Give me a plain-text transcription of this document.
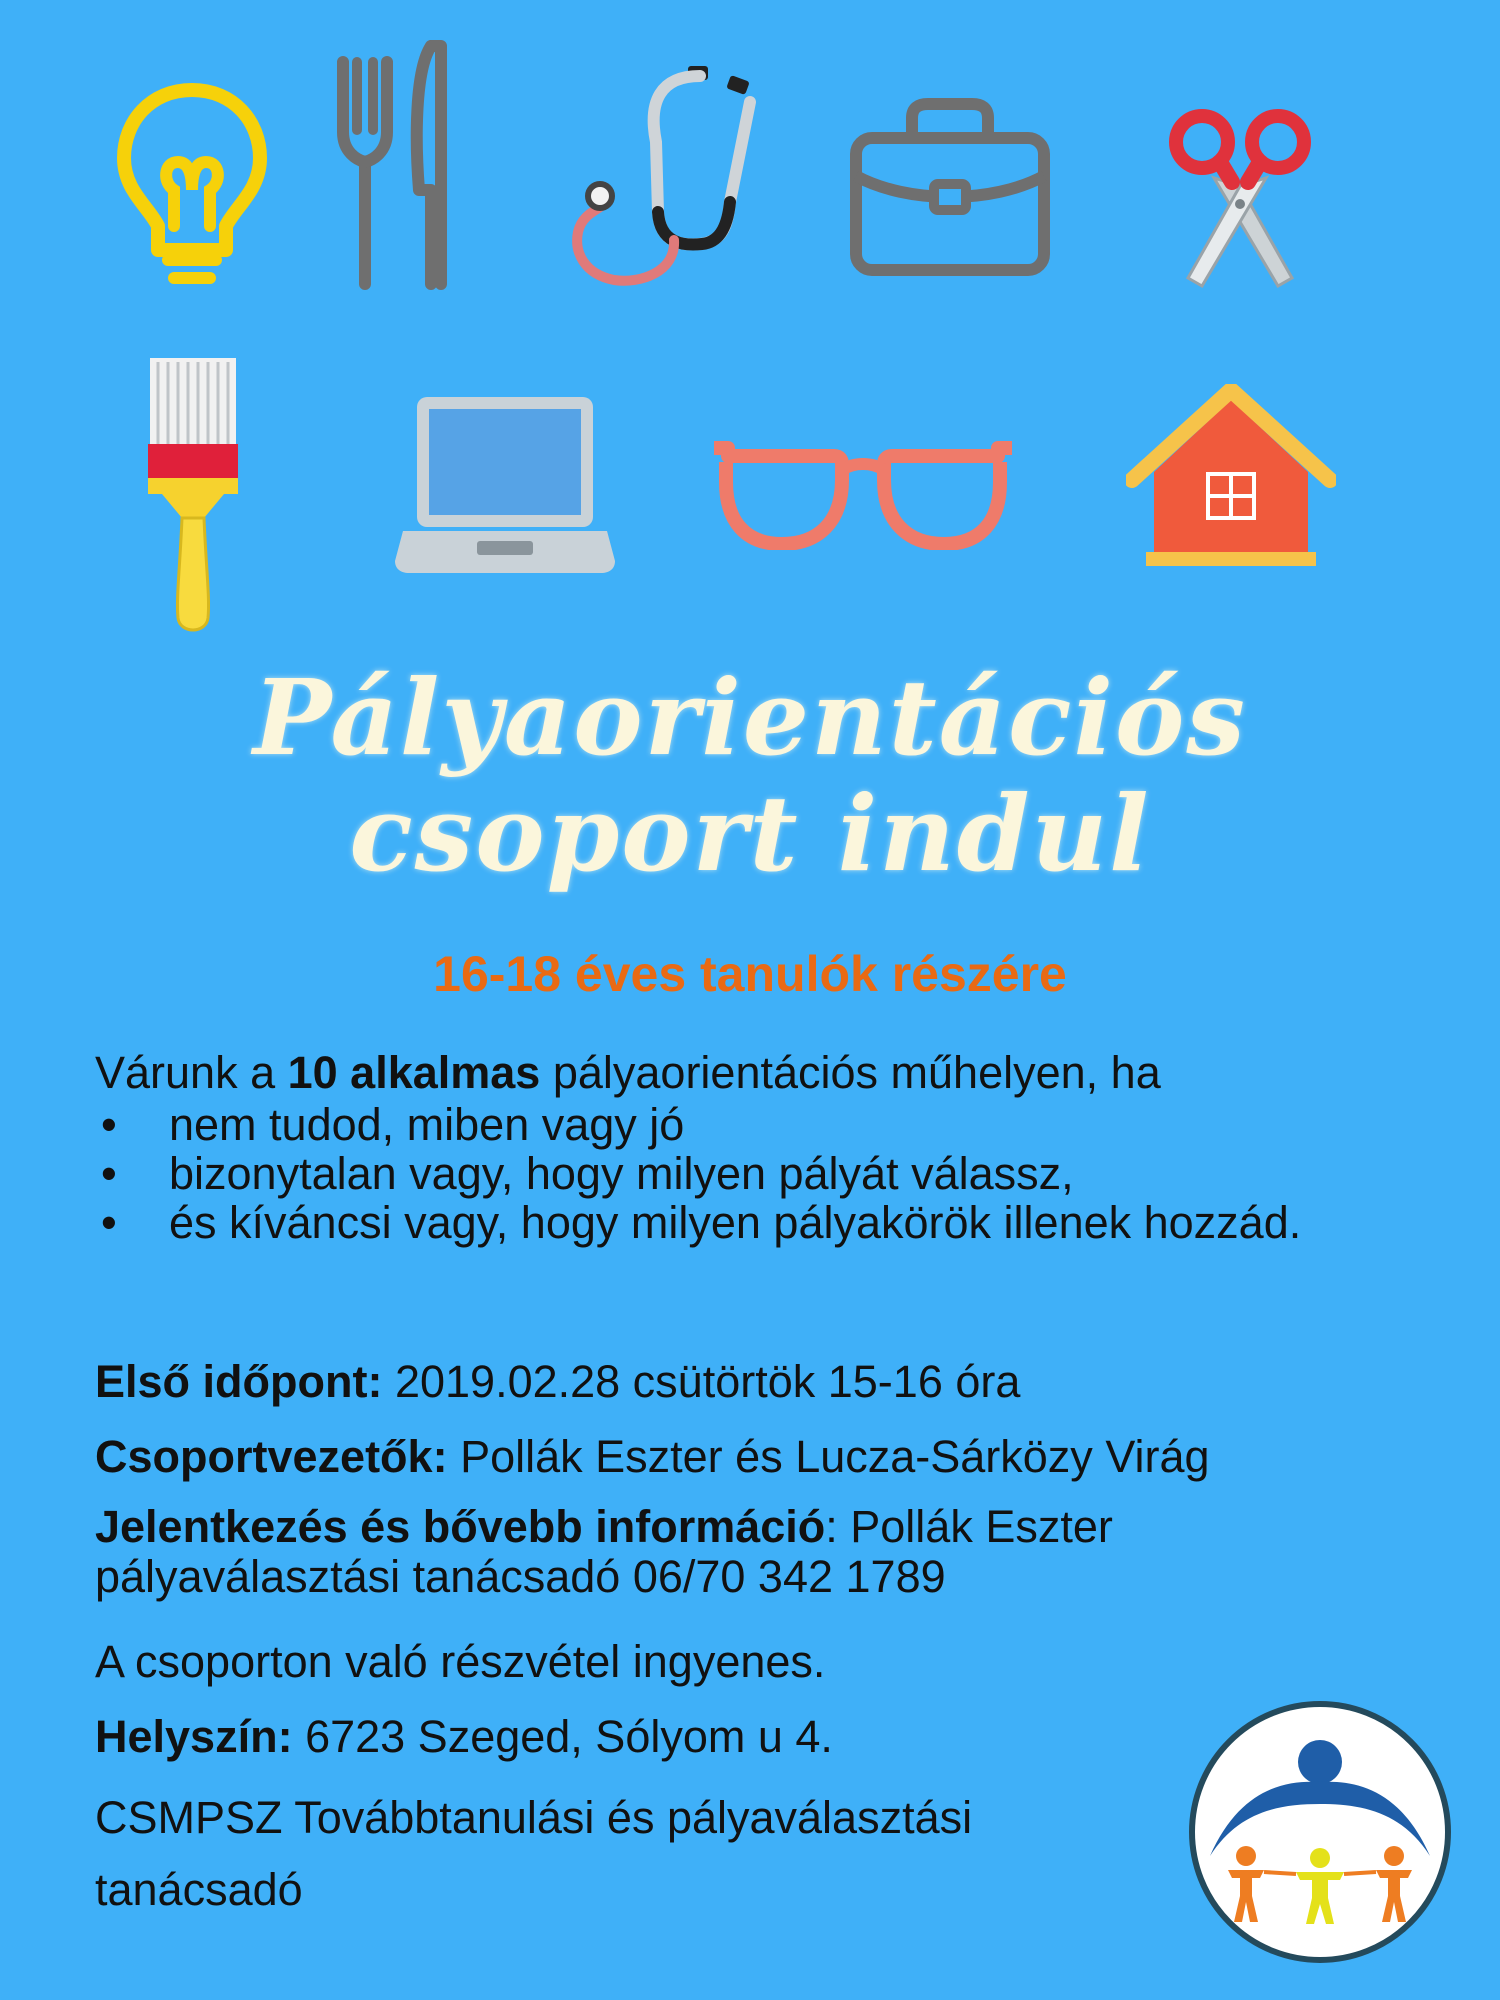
Pályaorientációs
csoport indul
16-18 éves tanulók részére
Várunk a 10 alkalmas pályaorientációs műhelyen, ha
• nem tudod, miben vagy jó
• bizonytalan vagy, hogy milyen pályát válassz,
• és kíváncsi vagy, hogy milyen pályakörök illenek hozzád.
Első időpont: 2019.02.28 csütörtök 15-16 óra
Csoportvezetők: Pollák Eszter és Lucza-Sárközy Virág
Jelentkezés és bővebb információ: Pollák Eszter pályaválasztási tanácsadó 06/70 342 1789
A csoporton való részvétel ingyenes.
Helyszín: 6723 Szeged, Sólyom u 4.
CSMPSZ Továbbtanulási és pályaválasztási tanácsadó
